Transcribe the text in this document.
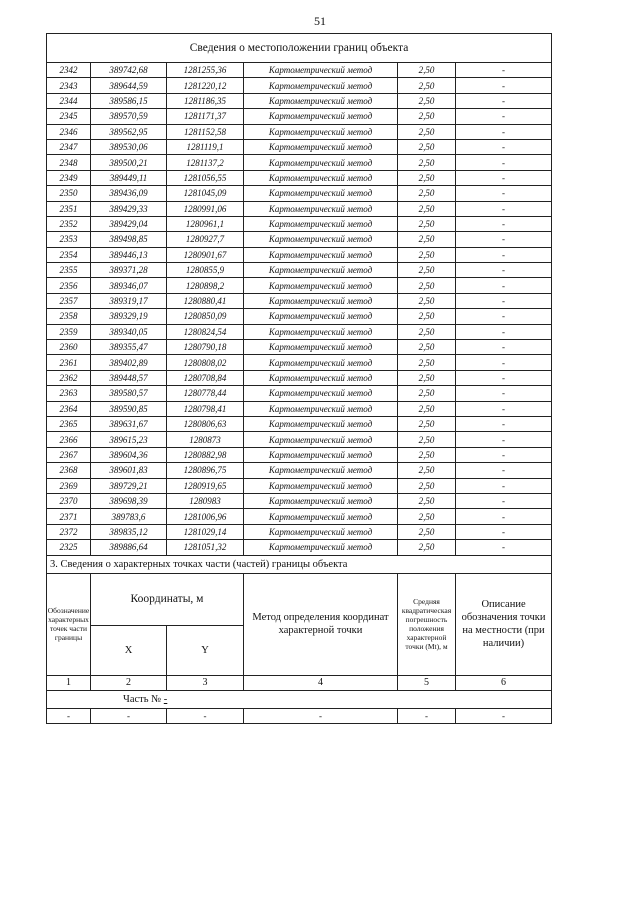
51
Сведения о местоположении границ объекта					
2342	389742,68	1281255,36	Картометрический метод	2,50	-
2343	389644,59	1281220,12	Картометрический метод	2,50	-
2344	389586,15	1281186,35	Картометрический метод	2,50	-
2345	389570,59	1281171,37	Картометрический метод	2,50	-
2346	389562,95	1281152,58	Картометрический метод	2,50	-
2347	389530,06	1281119,1	Картометрический метод	2,50	-
2348	389500,21	1281137,2	Картометрический метод	2,50	-
2349	389449,11	1281056,55	Картометрический метод	2,50	-
2350	389436,09	1281045,09	Картометрический метод	2,50	-
2351	389429,33	1280991,06	Картометрический метод	2,50	-
2352	389429,04	1280961,1	Картометрический метод	2,50	-
2353	389498,85	1280927,7	Картометрический метод	2,50	-
2354	389446,13	1280901,67	Картометрический метод	2,50	-
2355	389371,28	1280855,9	Картометрический метод	2,50	-
2356	389346,07	1280898,2	Картометрический метод	2,50	-
2357	389319,17	1280880,41	Картометрический метод	2,50	-
2358	389329,19	1280850,09	Картометрический метод	2,50	-
2359	389340,05	1280824,54	Картометрический метод	2,50	-
2360	389355,47	1280790,18	Картометрический метод	2,50	-
2361	389402,89	1280808,02	Картометрический метод	2,50	-
2362	389448,57	1280708,84	Картометрический метод	2,50	-
2363	389580,57	1280778,44	Картометрический метод	2,50	-
2364	389590,85	1280798,41	Картометрический метод	2,50	-
2365	389631,67	1280806,63	Картометрический метод	2,50	-
2366	389615,23	1280873	Картометрический метод	2,50	-
2367	389604,36	1280882,98	Картометрический метод	2,50	-
2368	389601,83	1280896,75	Картометрический метод	2,50	-
2369	389729,21	1280919,65	Картометрический метод	2,50	-
2370	389698,39	1280983	Картометрический метод	2,50	-
2371	389783,6	1281006,96	Картометрический метод	2,50	-
2372	389835,12	1281029,14	Картометрический метод	2,50	-
2325	389886,64	1281051,32	Картометрический метод	2,50	-
3. Сведения о характерных точках части (частей) границы объекта					
Обозначение характерных точек части границы	Координаты, м		Метод определения координат характерной точки	Средняя квадратическая погрешность положения характерной точки (Мt), м	Описание обозначения точки на местности (при наличии)
	X	Y			
1	2	3	4	5	6
Часть № -					
-	-	-	-	-	-
